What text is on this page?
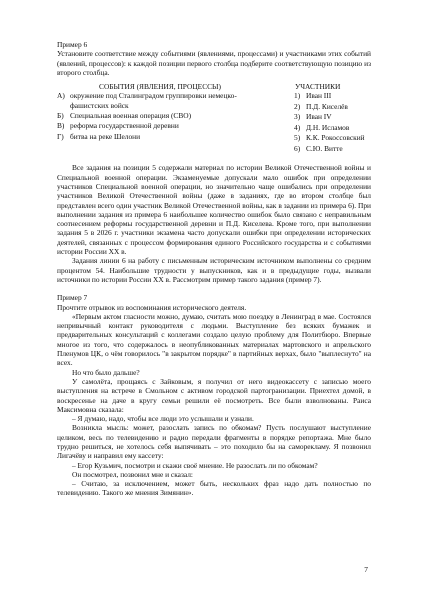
Пример 6

Установите соответствие между событиями (явлениями, процессами) и участниками этих событий (явлений, процессов): к каждой позиции первого столбца подберите соответствующую позицию из второго столбца.

СОБЫТИЯ (ЯВЛЕНИЯ, ПРОЦЕССЫ)

А) окружение под Сталинградом группировки немецко-фашистских войск
Б) Специальная военная операция (СВО)
В) реформа государственной деревни
Г) битва на реке Шелони

УЧАСТНИКИ

1) Иван III
2) П.Д. Киселёв
3) Иван IV
4) Д.Н. Исламов
5) К.К. Рокоссовский
6) С.Ю. Витте

Все задания на позиции 5 содержали материал по истории Великой Отечественной войны и Специальной военной операции. Экзаменуемые допускали мало ошибок при определении участников Специальной военной операции, но значительно чаще ошибались при определении участников Великой Отечественной войны (даже в заданиях, где во втором столбце был представлен всего один участник Великой Отечественной войны, как в задании из примера 6). При выполнении задания из примера 6 наибольшее количество ошибок было связано с неправильным соотнесением реформы государственной деревни и П.Д. Киселева. Кроме того, при выполнении задания 5 в 2026 г. участники экзамена часто допускали ошибки при определении исторических деятелей, связанных с процессом формирования единого Российского государства и с событиями истории России XX в.

Задания линии 6 на работу с письменным историческим источником выполнены со средним процентом 54. Наибольшие трудности у выпускников, как и в предыдущие годы, вызвали источники по истории России XX в. Рассмотрим пример такого задания (пример 7).

Пример 7

Прочтите отрывок из воспоминания исторического деятеля.

«Первым актом гласности можно, думаю, считать мою поездку в Ленинград в мае. Состоялся непривычный контакт руководителя с людьми. Выступление без всяких бумажек и предварительных консультаций с коллегами создало целую проблему для Политбюро. Впервые многое из того, что содержалось в неопубликованных материалах мартовского и апрельского Пленумов ЦК, о чём говорилось "в закрытом порядке" в партийных верхах, было "выплеснуто" на всех.

Но что было дальше?

У самолёта, прощаясь с Зайковым, я получил от него видеокассету с записью моего выступления на встрече в Смольном с активом городской партогранизации. Приехтел домой, в воскресенье на даче в кругу семьи решили её посмотреть. Все были взволнованы. Раиса Максимовна сказала:

– Я думаю, надо, чтобы все люди это услышали и узнали.

Возникла мысль: может, разослать запись по обкомам? Пусть послушают выступление целиком, весь по телевидению и радио передали фрагменты в порядке репортажа. Мне было трудно решиться, не хотелось себя выпячивать – это походило бы на саморекламу. Я позвонил Лигачёву и направил ему кассету:

– Егор Кузьмич, посмотри и скажи своё мнение. Не разослать ли по обкомам?

Он посмотрел, позвонил мне и сказал:

– Считаю, за исключением, может быть, нескольких фраз надо дать полностью по телевидению. Такого же мнения Зимянин».

7
